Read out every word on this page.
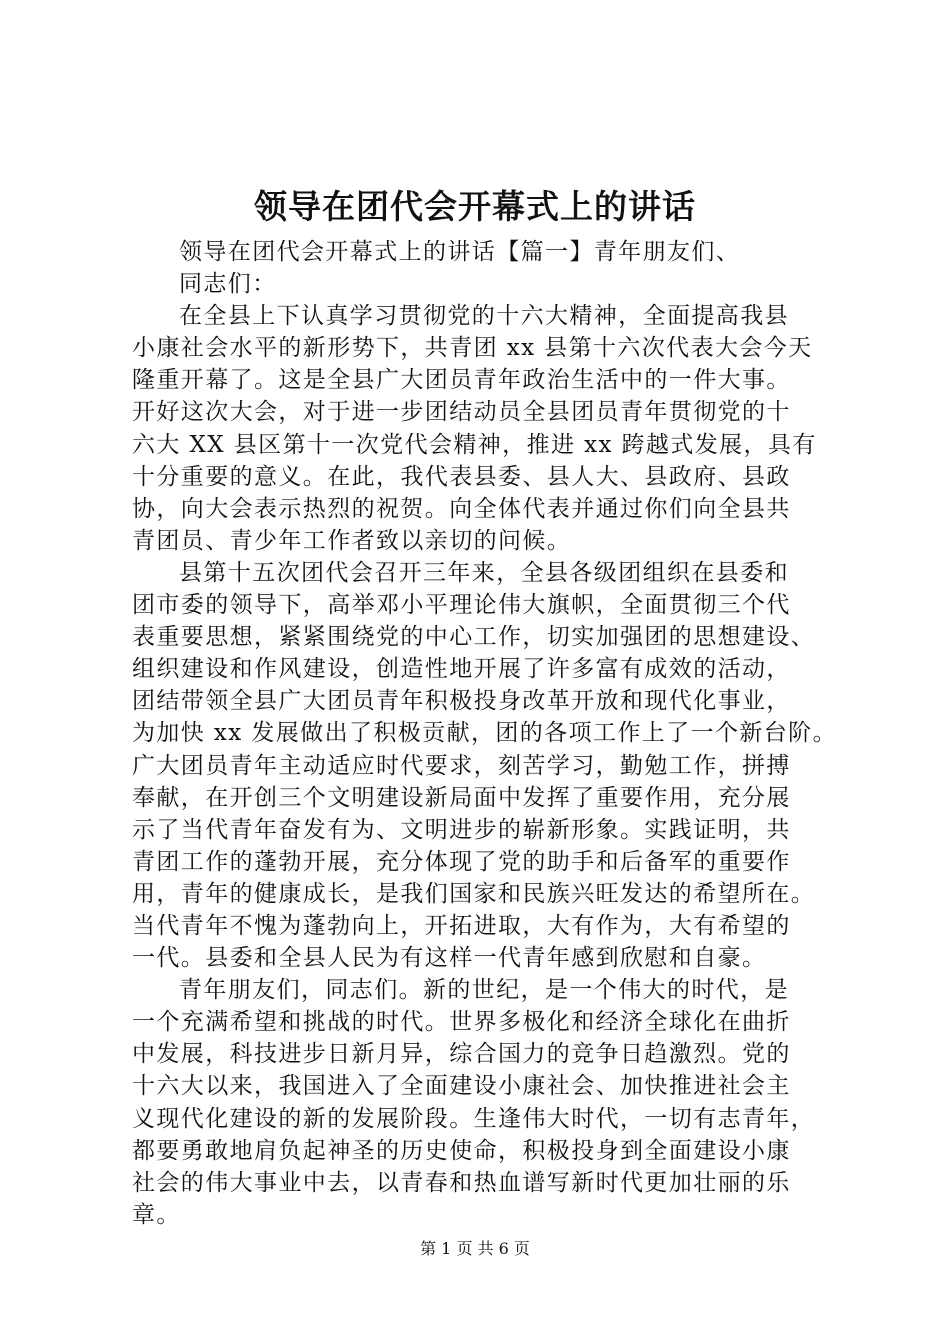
领导在团代会开幕式上的讲话
领导在团代会开幕式上的讲话【篇一】青年朋友们、
同志们：
在全县上下认真学习贯彻党的十六大精神，全面提高我县
小康社会水平的新形势下，共青团 xx 县第十六次代表大会今天
隆重开幕了。这是全县广大团员青年政治生活中的一件大事。
开好这次大会，对于进一步团结动员全县团员青年贯彻党的十
六大 XX 县区第十一次党代会精神，推进 xx 跨越式发展，具有
十分重要的意义。在此，我代表县委、县人大、县政府、县政
协，向大会表示热烈的祝贺。向全体代表并通过你们向全县共
青团员、青少年工作者致以亲切的问候。
县第十五次团代会召开三年来，全县各级团组织在县委和
团市委的领导下，高举邓小平理论伟大旗帜，全面贯彻三个代
表重要思想，紧紧围绕党的中心工作，切实加强团的思想建设、
组织建设和作风建设，创造性地开展了许多富有成效的活动，
团结带领全县广大团员青年积极投身改革开放和现代化事业，
为加快 xx 发展做出了积极贡献，团的各项工作上了一个新台阶。
广大团员青年主动适应时代要求，刻苦学习，勤勉工作，拼搏
奉献，在开创三个文明建设新局面中发挥了重要作用，充分展
示了当代青年奋发有为、文明进步的崭新形象。实践证明，共
青团工作的蓬勃开展，充分体现了党的助手和后备军的重要作
用，青年的健康成长，是我们国家和民族兴旺发达的希望所在。
当代青年不愧为蓬勃向上，开拓进取，大有作为，大有希望的
一代。县委和全县人民为有这样一代青年感到欣慰和自豪。
青年朋友们，同志们。新的世纪，是一个伟大的时代，是
一个充满希望和挑战的时代。世界多极化和经济全球化在曲折
中发展，科技进步日新月异，综合国力的竞争日趋激烈。党的
十六大以来，我国进入了全面建设小康社会、加快推进社会主
义现代化建设的新的发展阶段。生逢伟大时代，一切有志青年，
都要勇敢地肩负起神圣的历史使命，积极投身到全面建设小康
社会的伟大事业中去，以青春和热血谱写新时代更加壮丽的乐
章。
第 1 页 共 6 页
